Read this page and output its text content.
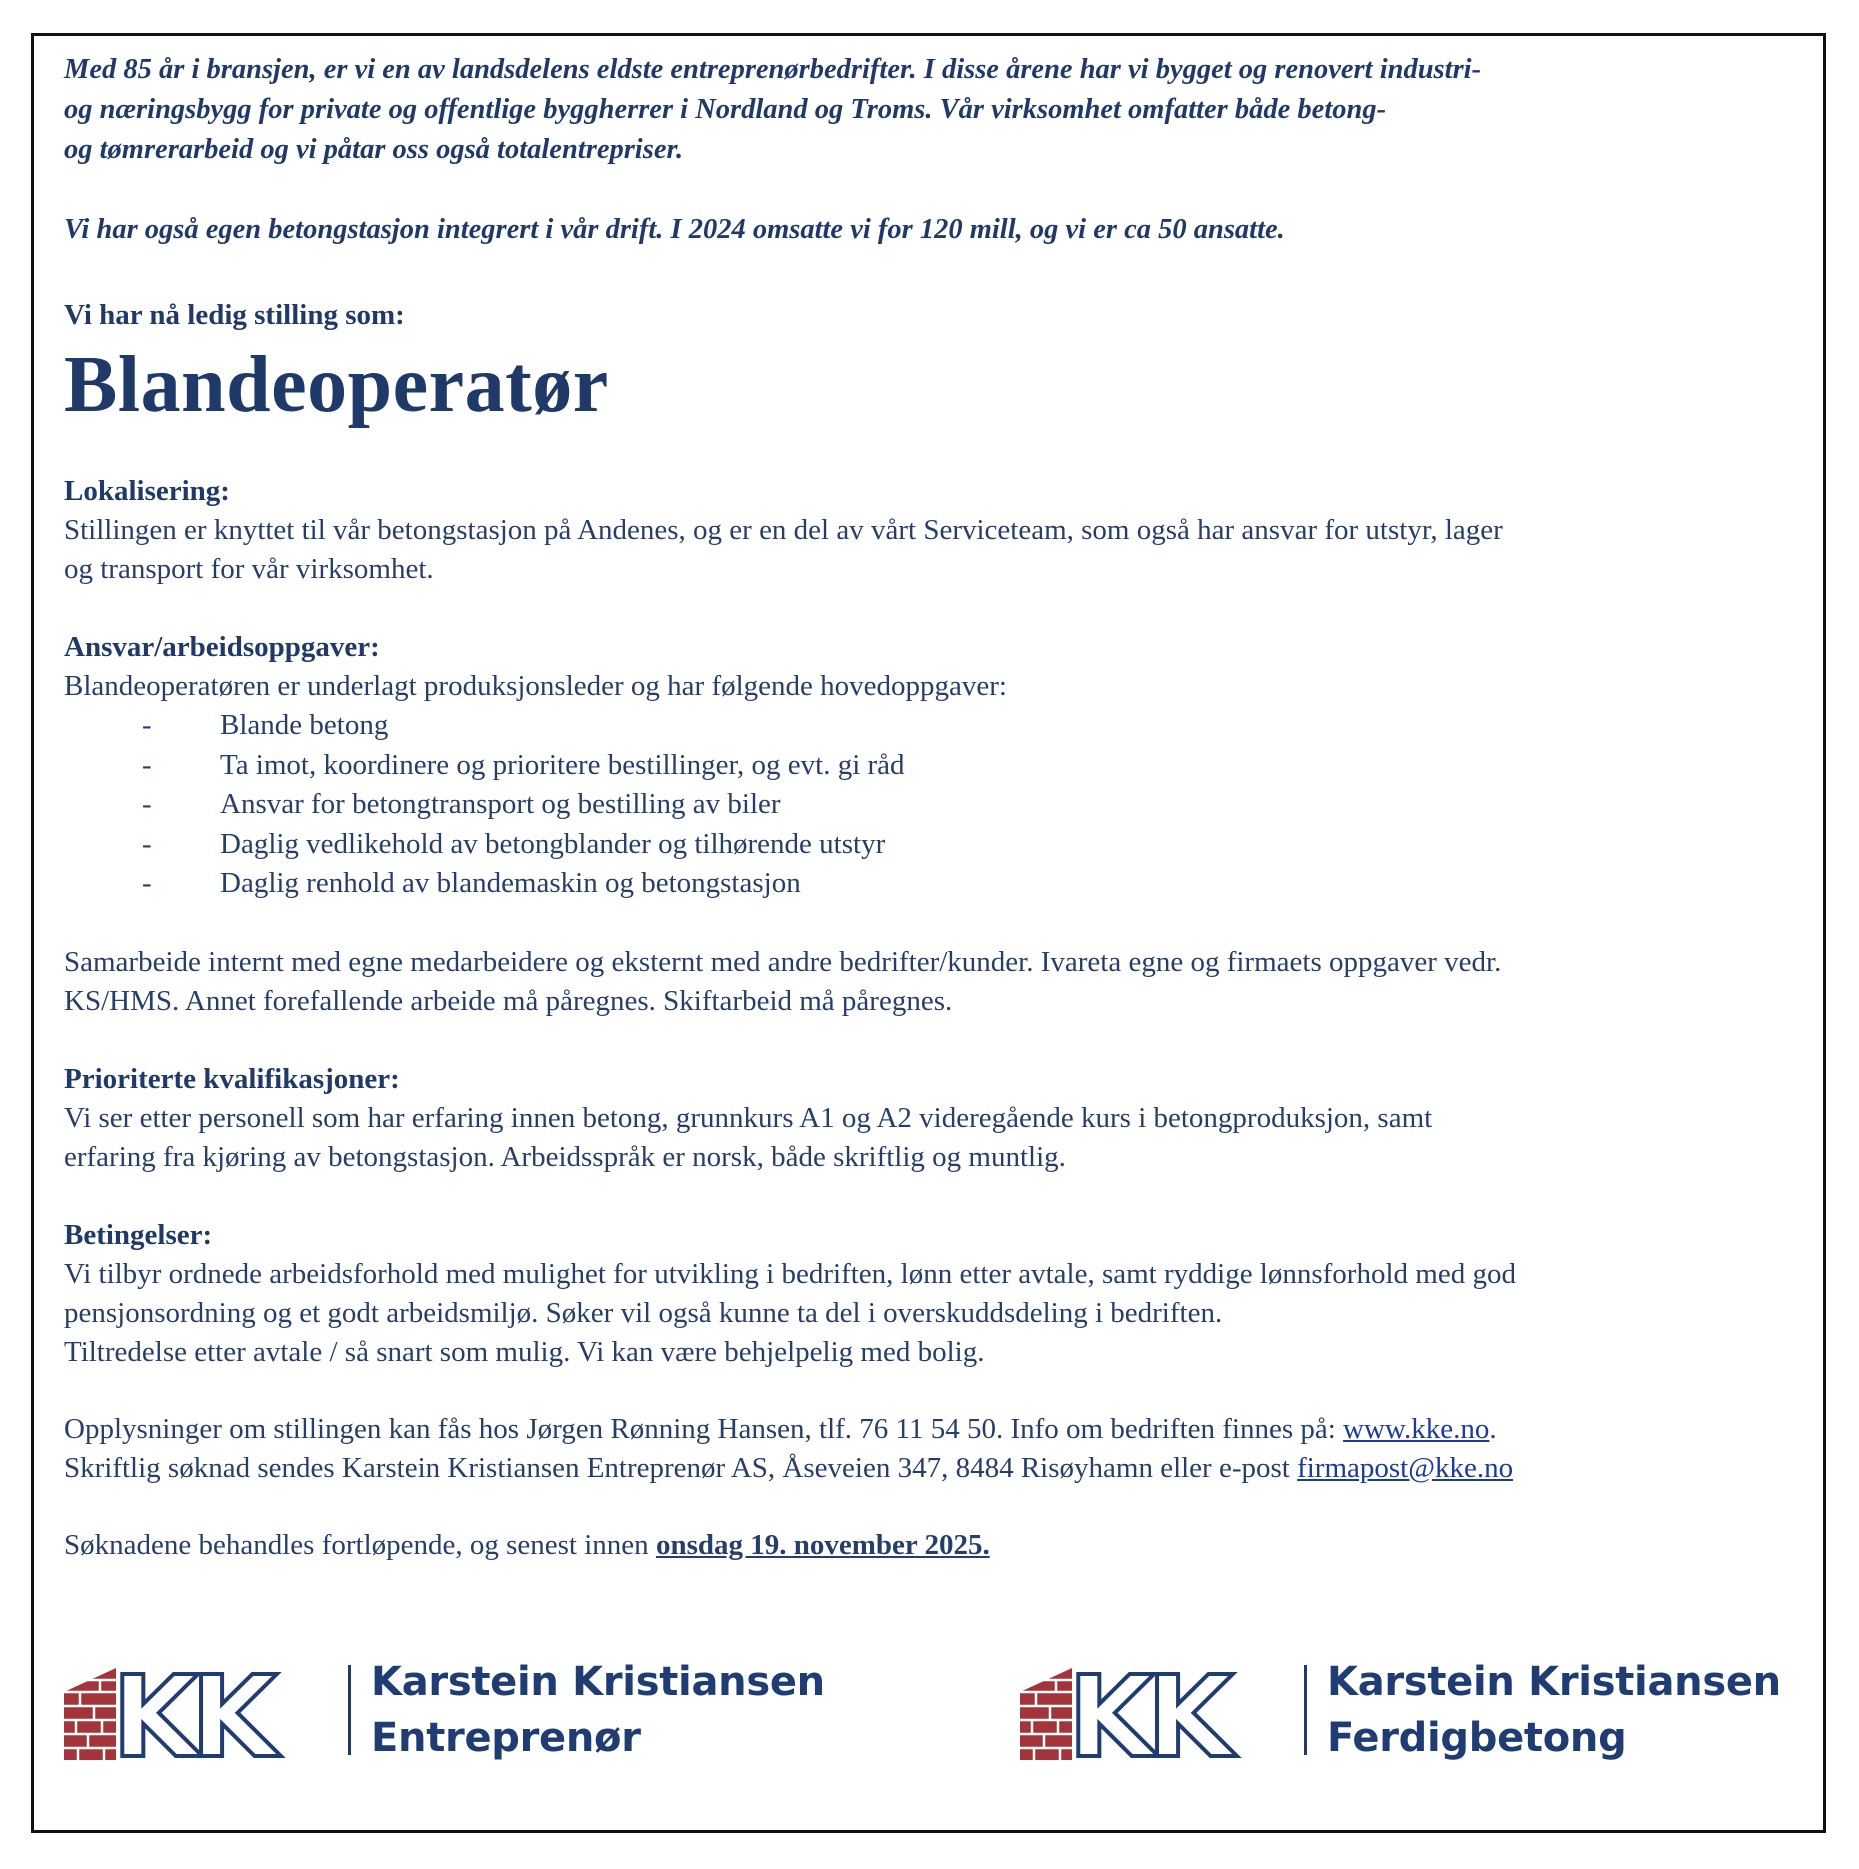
Med 85 år i bransjen, er vi en av landsdelens eldste entreprenørbedrifter. I disse årene har vi bygget og renovert industri-

og næringsbygg for private og offentlige byggherrer i Nordland og Troms. Vår virksomhet omfatter både betong-

og tømrerarbeid og vi påtar oss også totalentrepriser.

Vi har også egen betongstasjon integrert i vår drift. I 2024 omsatte vi for 120 mill, og vi er ca 50 ansatte.

Vi har nå ledig stilling som:
Blandeoperatør

Lokalisering:

Stillingen er knyttet til vår betongstasjon på Andenes, og er en del av vårt Serviceteam, som også har ansvar for utstyr, lager

og transport for vår virksomhet.

Ansvar/arbeidsoppgaver:

Blandeoperatøren er underlagt produksjonsleder og har følgende hovedoppgaver:

- Blande betong
- Ta imot, koordinere og prioritere bestillinger, og evt. gi råd
- Ansvar for betongtransport og bestilling av biler
- Daglig vedlikehold av betongblander og tilhørende utstyr
- Daglig renhold av blandemaskin og betongstasjon

Samarbeide internt med egne medarbeidere og eksternt med andre bedrifter/kunder. Ivareta egne og firmaets oppgaver vedr.

KS/HMS. Annet forefallende arbeide må påregnes. Skiftarbeid må påregnes.

Prioriterte kvalifikasjoner:

Vi ser etter personell som har erfaring innen betong, grunnkurs A1 og A2 videregående kurs i betongproduksjon, samt

erfaring fra kjøring av betongstasjon. Arbeidsspråk er norsk, både skriftlig og muntlig.

Betingelser:

Vi tilbyr ordnede arbeidsforhold med mulighet for utvikling i bedriften, lønn etter avtale, samt ryddige lønnsforhold med god

pensjonsordning og et godt arbeidsmiljø. Søker vil også kunne ta del i overskuddsdeling i bedriften.

Tiltredelse etter avtale / så snart som mulig. Vi kan være behjelpelig med bolig.

Opplysninger om stillingen kan fås hos Jørgen Rønning Hansen, tlf. 76 11 54 50. Info om bedriften finnes på: www.kke.no.

Skriftlig søknad sendes Karstein Kristiansen Entreprenør AS, Åseveien 347, 8484 Risøyhamn eller e-post firmapost@kke.no

Søknadene behandles fortløpende, og senest innen onsdag 19. november 2025.

KK	Karstein Kristiansen
Entreprenør	KK	Karstein Kristiansen
Ferdigbetong
